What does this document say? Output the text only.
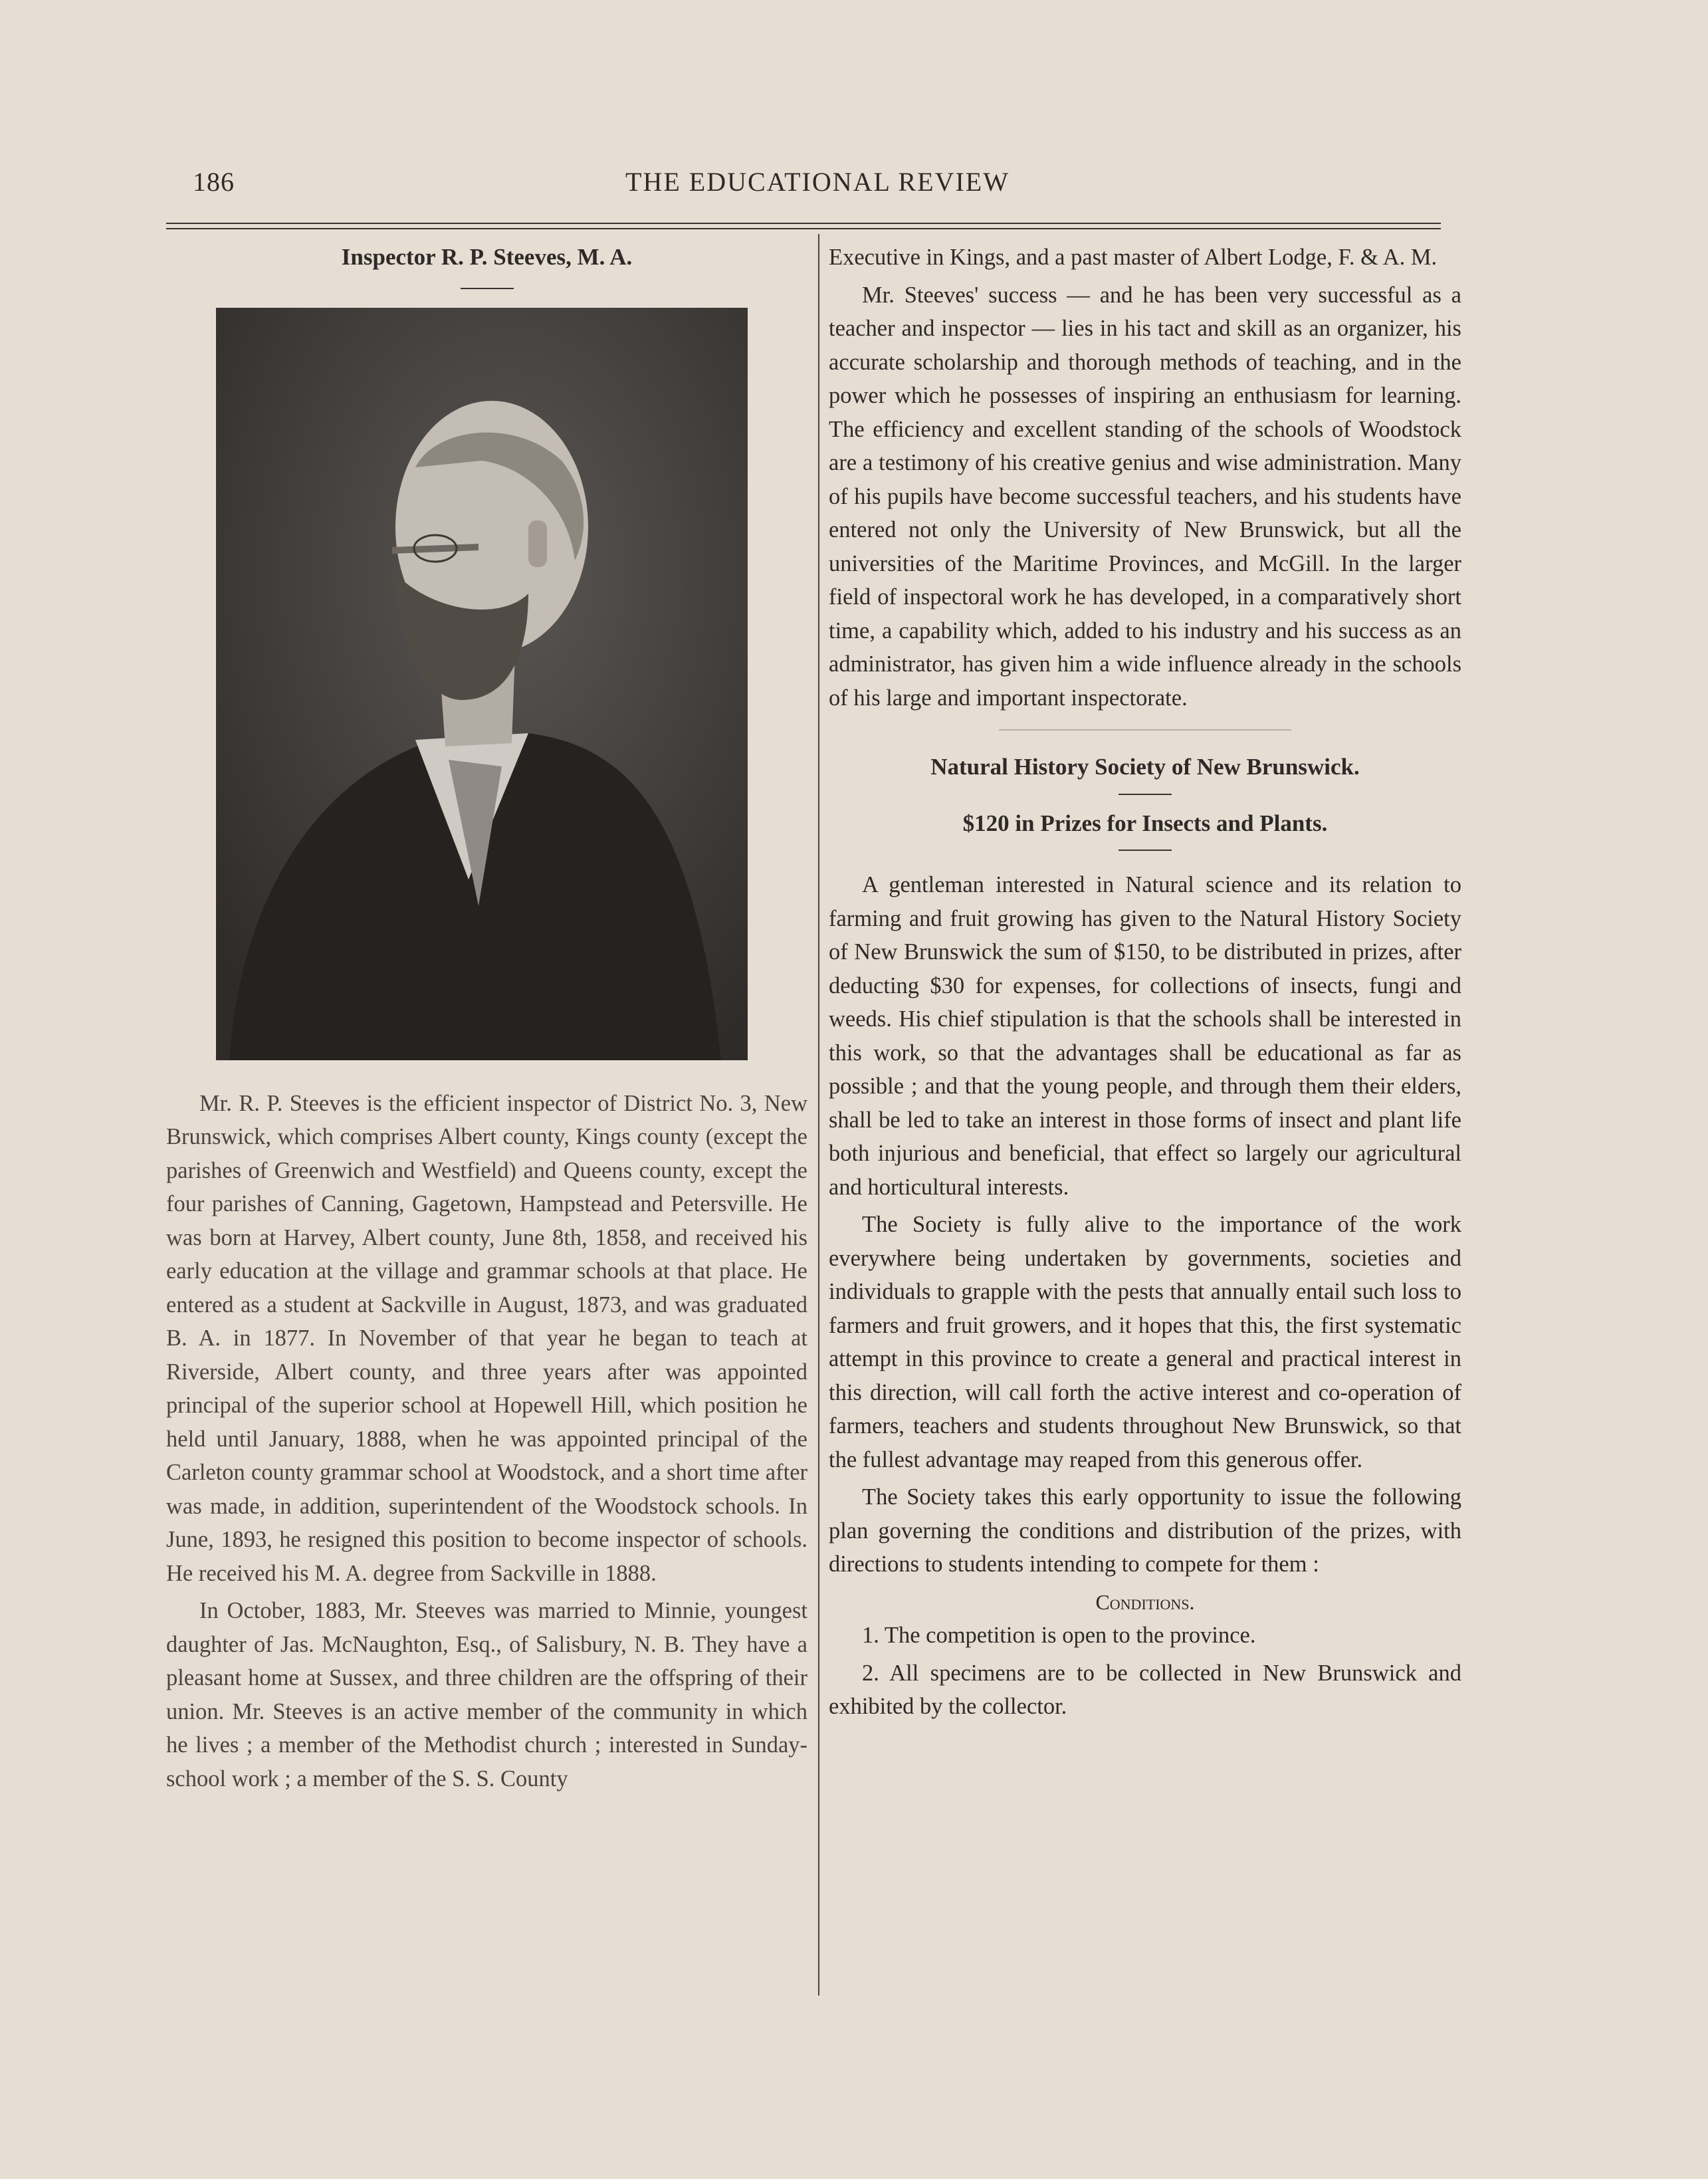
186	THE EDUCATIONAL REVIEW

Inspector R. P. Steeves, M. A.

Mr. R. P. Steeves is the efficient inspector of District No. 3, New Brunswick, which comprises Albert county, Kings county (except the parishes of Greenwich and Westfield) and Queens county, except the four parishes of Canning, Gagetown, Hampstead and Petersville. He was born at Harvey, Albert county, June 8th, 1858, and received his early education at the village and grammar schools at that place. He entered as a student at Sackville in August, 1873, and was graduated B. A. in 1877. In November of that year he began to teach at Riverside, Albert county, and three years after was appointed principal of the superior school at Hopewell Hill, which position he held until January, 1888, when he was appointed principal of the Carleton county grammar school at Woodstock, and a short time after was made, in addition, superintendent of the Woodstock schools. In June, 1893, he resigned this position to become inspector of schools. He received his M. A. degree from Sackville in 1888.

In October, 1883, Mr. Steeves was married to Minnie, youngest daughter of Jas. McNaughton, Esq., of Salisbury, N. B. They have a pleasant home at Sussex, and three children are the offspring of their union. Mr. Steeves is an active member of the community in which he lives ; a member of the Methodist church ; interested in Sunday-school work ; a member of the S. S. County

Executive in Kings, and a past master of Albert Lodge, F. & A. M.

Mr. Steeves' success — and he has been very successful as a teacher and inspector — lies in his tact and skill as an organizer, his accurate scholarship and thorough methods of teaching, and in the power which he possesses of inspiring an enthusiasm for learning. The efficiency and excellent standing of the schools of Woodstock are a testimony of his creative genius and wise administration. Many of his pupils have become successful teachers, and his students have entered not only the University of New Brunswick, but all the universities of the Maritime Provinces, and McGill. In the larger field of inspectoral work he has developed, in a comparatively short time, a capability which, added to his industry and his success as an administrator, has given him a wide influence already in the schools of his large and important inspectorate.

Natural History Society of New Brunswick.

$120 in Prizes for Insects and Plants.

A gentleman interested in Natural science and its relation to farming and fruit growing has given to the Natural History Society of New Brunswick the sum of $150, to be distributed in prizes, after deducting $30 for expenses, for collections of insects, fungi and weeds. His chief stipulation is that the schools shall be interested in this work, so that the advantages shall be educational as far as possible ; and that the young people, and through them their elders, shall be led to take an interest in those forms of insect and plant life both injurious and beneficial, that effect so largely our agricultural and horticultural interests.

The Society is fully alive to the importance of the work everywhere being undertaken by governments, societies and individuals to grapple with the pests that annually entail such loss to farmers and fruit growers, and it hopes that this, the first systematic attempt in this province to create a general and practical interest in this direction, will call forth the active interest and co-operation of farmers, teachers and students throughout New Brunswick, so that the fullest advantage may reaped from this generous offer.

The Society takes this early opportunity to issue the following plan governing the conditions and distribution of the prizes, with directions to students intending to compete for them :

Conditions.

1. The competition is open to the province.

2. All specimens are to be collected in New Brunswick and exhibited by the collector.
